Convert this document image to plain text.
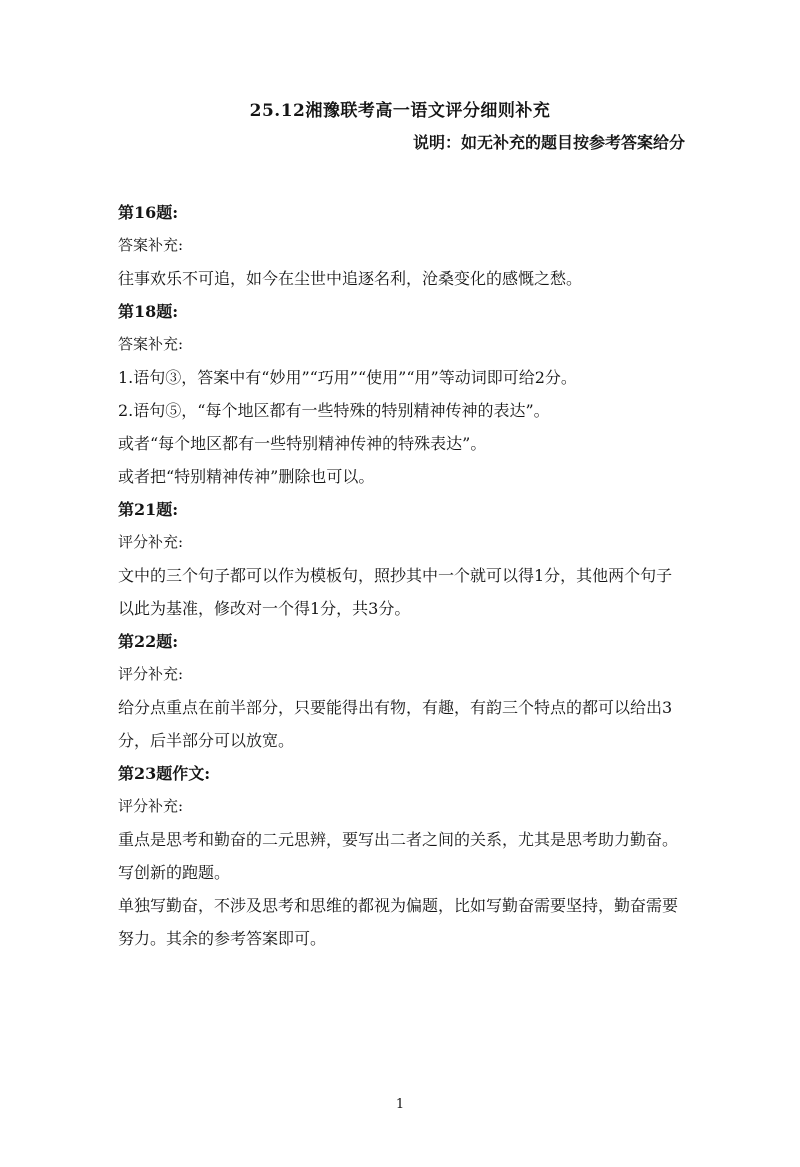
25.12湘豫联考高一语文评分细则补充
说明：如无补充的题目按参考答案给分
第16题:
答案补充:
往事欢乐不可追，如今在尘世中追逐名利，沧桑变化的感慨之愁。
第18题:
答案补充:
1.语句③，答案中有“妙用”“巧用”“使用”“用”等动词即可给2分。
2.语句⑤，“每个地区都有一些特殊的特别精神传神的表达”。
或者“每个地区都有一些特别精神传神的特殊表达”。
或者把“特别精神传神”删除也可以。
第21题:
评分补充:
文中的三个句子都可以作为模板句，照抄其中一个就可以得1分，其他两个句子
以此为基准，修改对一个得1分，共3分。
第22题:
评分补充:
给分点重点在前半部分，只要能得出有物，有趣，有韵三个特点的都可以给出3
分，后半部分可以放宽。
第23题作文:
评分补充:
重点是思考和勤奋的二元思辨，要写出二者之间的关系，尤其是思考助力勤奋。
写创新的跑题。
单独写勤奋，不涉及思考和思维的都视为偏题，比如写勤奋需要坚持，勤奋需要
努力。其余的参考答案即可。
1
